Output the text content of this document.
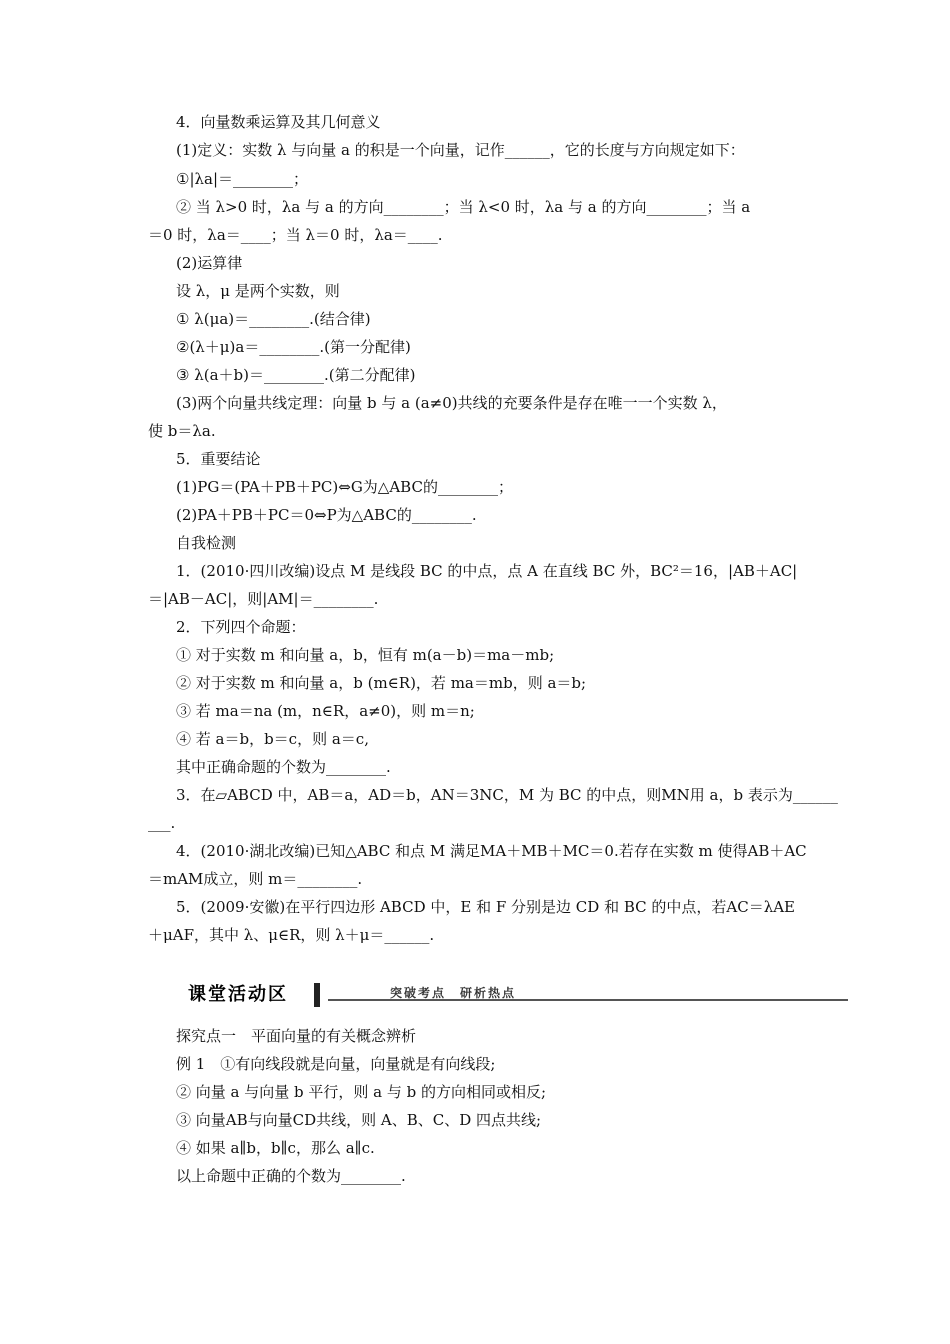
4．向量数乘运算及其几何意义
(1)定义：实数 λ 与向量 a 的积是一个向量，记作______，它的长度与方向规定如下：
①|λa|＝________；
② 当 λ>0 时，λa 与 a 的方向________；当 λ<0 时，λa 与 a 的方向________；当 a
＝0 时，λa＝____；当 λ＝0 时，λa＝____.
(2)运算律
设 λ，μ 是两个实数，则
① λ(μa)＝________.(结合律)
②(λ＋μ)a＝________.(第一分配律)
③ λ(a＋b)＝________.(第二分配律)
(3)两个向量共线定理：向量 b 与 a (a≠0)共线的充要条件是存在唯一一个实数 λ，
使 b＝λa.
5．重要结论
(1)PG＝(PA＋PB＋PC)⇔G为△ABC的________；
(2)PA＋PB＋PC＝0⇔P为△ABC的________.
自我检测
1．(2010·四川改编)设点 M 是线段 BC 的中点，点 A 在直线 BC 外，BC²＝16，|AB＋AC|
＝|AB－AC|，则|AM|＝________.
2．下列四个命题：
① 对于实数 m 和向量 a，b，恒有 m(a－b)＝ma－mb;
② 对于实数 m 和向量 a，b (m∈R)，若 ma＝mb，则 a＝b;
③ 若 ma＝na (m，n∈R，a≠0)，则 m＝n;
④ 若 a＝b，b＝c，则 a＝c,
其中正确命题的个数为________.
3．在▱ABCD 中，AB＝a，AD＝b，AN＝3NC，M 为 BC 的中点，则MN用 a，b 表示为______
___.
4．(2010·湖北改编)已知△ABC 和点 M 满足MA＋MB＋MC＝0.若存在实数 m 使得AB＋AC
＝mAM成立，则 m＝________.
5．(2009·安徽)在平行四边形 ABCD 中，E 和 F 分别是边 CD 和 BC 的中点，若AC＝λAE
＋μAF，其中 λ、μ∈R，则 λ＋μ＝______.
探究点一　平面向量的有关概念辨析
例 1　①有向线段就是向量，向量就是有向线段;
② 向量 a 与向量 b 平行，则 a 与 b 的方向相同或相反;
③ 向量AB与向量CD共线，则 A、B、C、D 四点共线;
④ 如果 a∥b，b∥c，那么 a∥c.
以上命题中正确的个数为________.
课堂活动区	突破考点　研析热点
